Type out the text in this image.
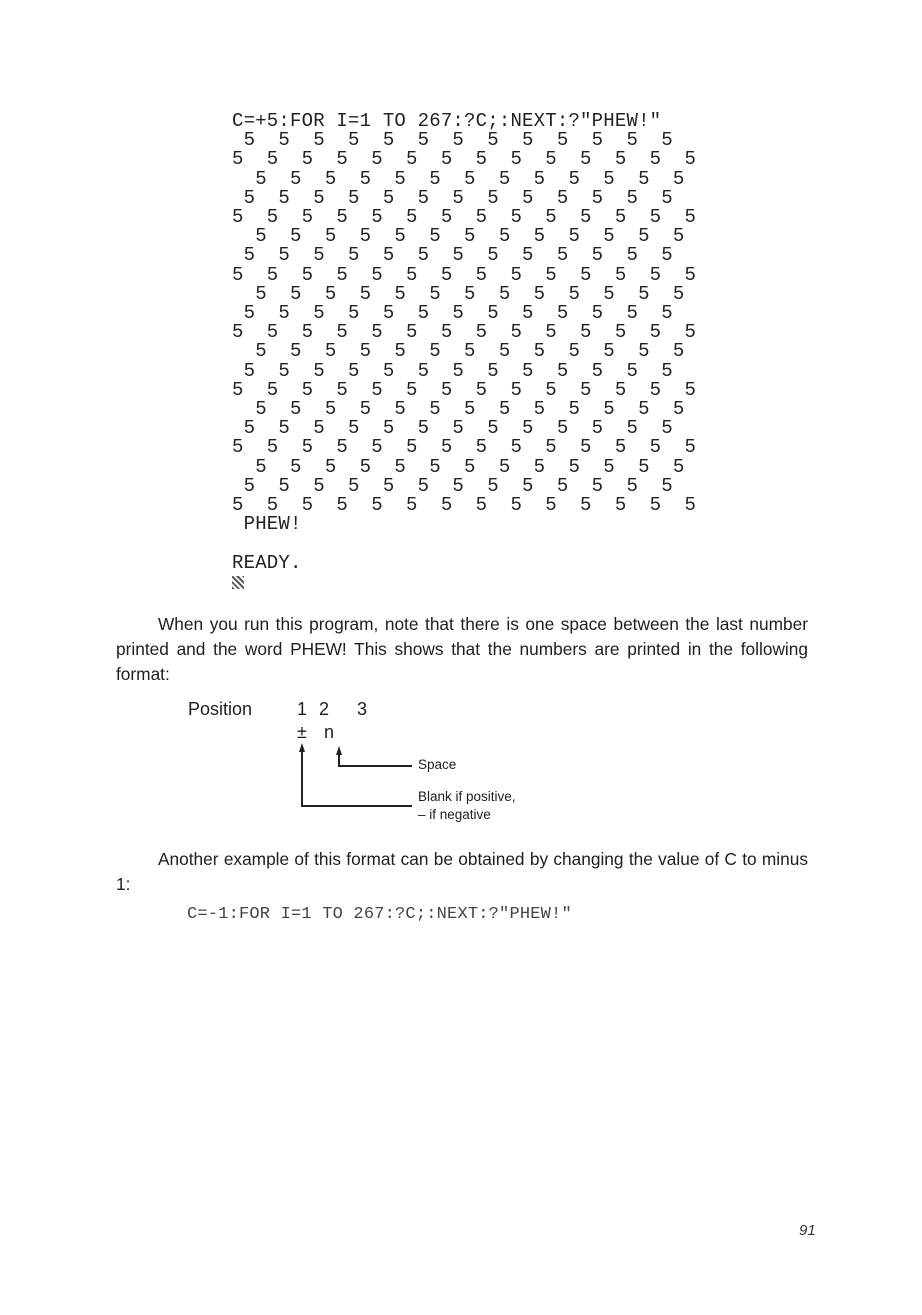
C=+5:FOR I=1 TO 267:?C;:NEXT:?"PHEW!"
5  5  5  5  5  5  5  5  5  5  5  5  5
5  5  5  5  5  5  5  5  5  5  5  5  5  5
5  5  5  5  5  5  5  5  5  5  5  5  5
5  5  5  5  5  5  5  5  5  5  5  5  5
5  5  5  5  5  5  5  5  5  5  5  5  5  5
5  5  5  5  5  5  5  5  5  5  5  5  5
5  5  5  5  5  5  5  5  5  5  5  5  5
5  5  5  5  5  5  5  5  5  5  5  5  5  5
5  5  5  5  5  5  5  5  5  5  5  5  5
5  5  5  5  5  5  5  5  5  5  5  5  5
5  5  5  5  5  5  5  5  5  5  5  5  5  5
5  5  5  5  5  5  5  5  5  5  5  5  5
5  5  5  5  5  5  5  5  5  5  5  5  5
5  5  5  5  5  5  5  5  5  5  5  5  5  5
5  5  5  5  5  5  5  5  5  5  5  5  5
5  5  5  5  5  5  5  5  5  5  5  5  5
5  5  5  5  5  5  5  5  5  5  5  5  5  5
5  5  5  5  5  5  5  5  5  5  5  5  5
5  5  5  5  5  5  5  5  5  5  5  5  5
5  5  5  5  5  5  5  5  5  5  5  5  5  5
PHEW!
READY.
When you run this program, note that there is one space between the last number printed and the word PHEW! This shows that the numbers are printed in the following format:
Position 1 2 3
± n
Space
Blank if positive,
– if negative
Another example of this format can be obtained by changing the value of C to minus 1:
C=-1:FOR I=1 TO 267:?C;:NEXT:?"PHEW!"
91
